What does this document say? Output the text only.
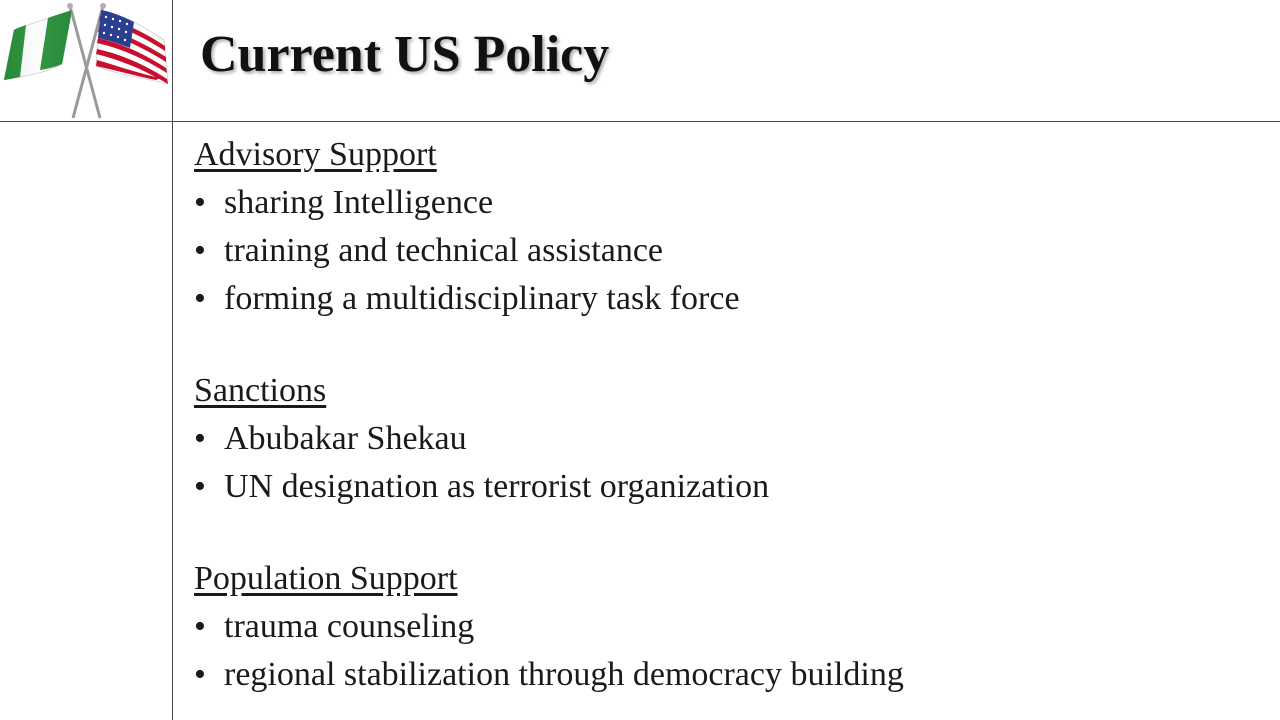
Current US Policy
Advisory Support
• sharing Intelligence
• training and technical assistance
• forming a multidisciplinary task force
Sanctions
• Abubakar Shekau
• UN designation as terrorist organization
Population Support
• trauma counseling
• regional stabilization through democracy building
